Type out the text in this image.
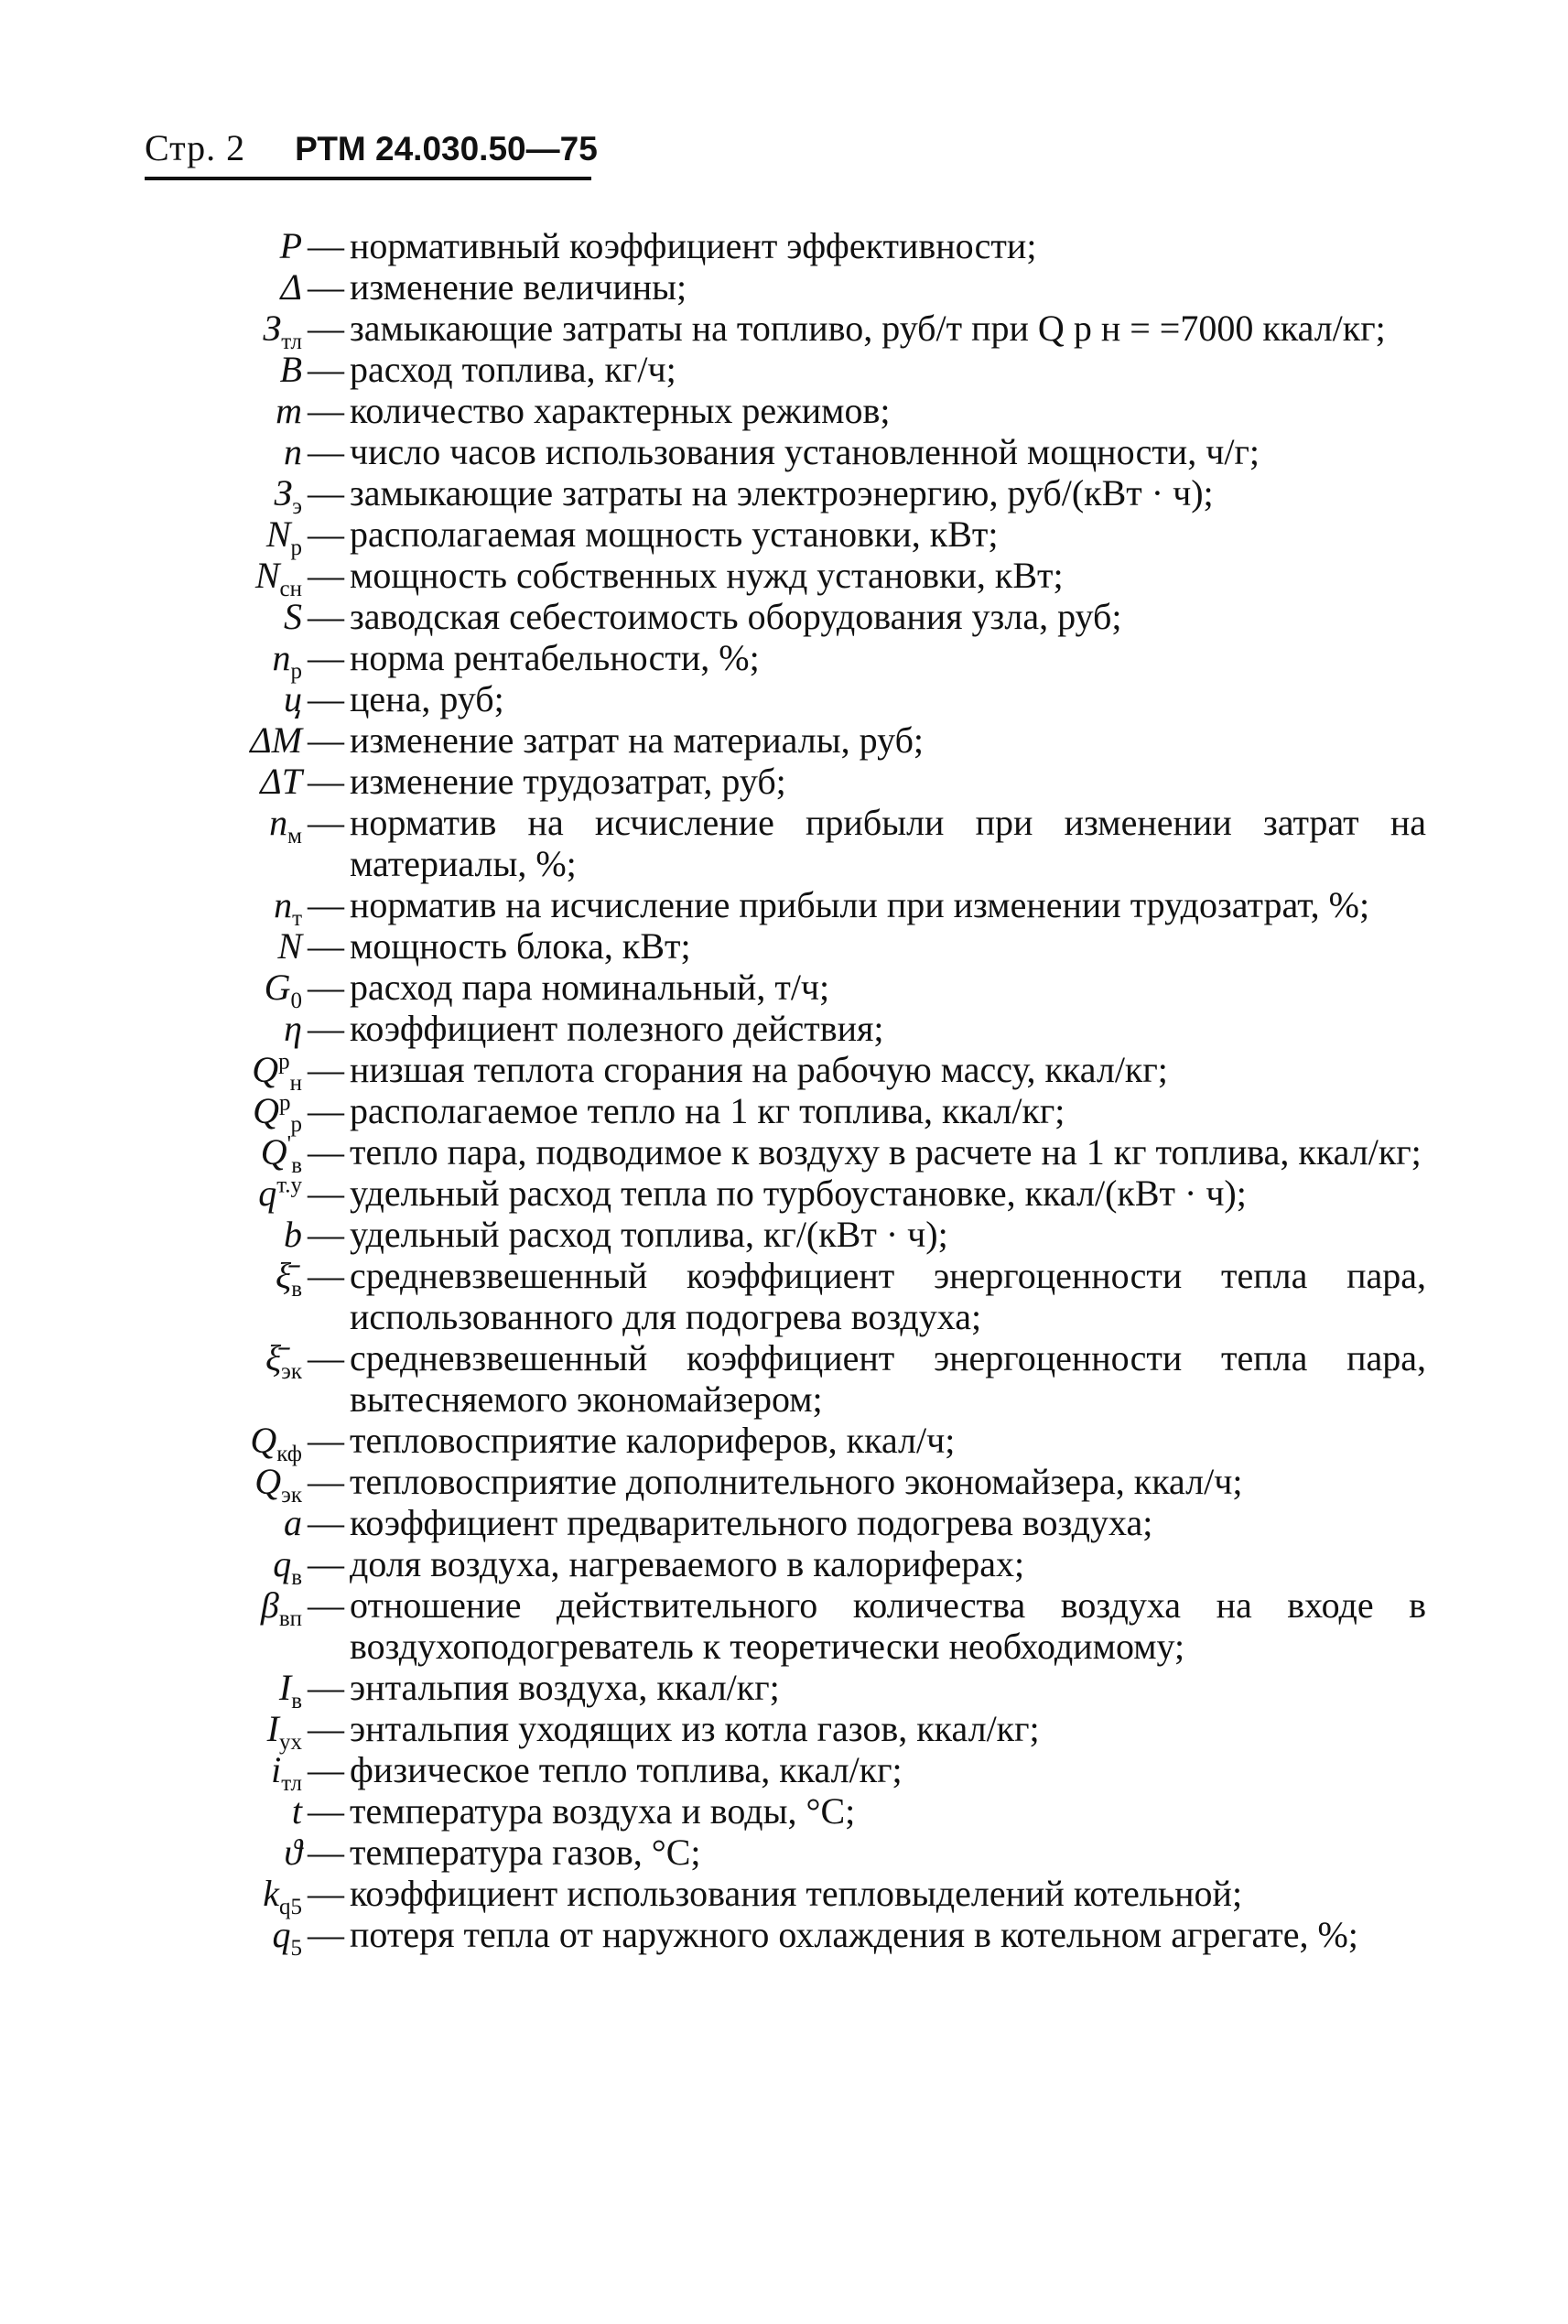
Стр. 2 РТМ 24.030.50—75
P — нормативный коэффициент эффективности;
Δ — изменение величины;
$З_{тл}$ — замыкающие затраты на топливо, руб/т при Q р н = =7000 ккал/кг;
B — расход топлива, кг/ч;
m — количество характерных режимов;
n — число часов использования установленной мощности, ч/г;
$З_э$ — замыкающие затраты на электроэнергию, руб/(кВт · ч);
$N_р$ — располагаемая мощность установки, кВт;
$N_{сн}$ — мощность собственных нужд установки, кВт;
S — заводская себестоимость оборудования узла, руб;
$n_р$ — норма рентабельности, %;
ц — цена, руб;
ΔM — изменение затрат на материалы, руб;
ΔT — изменение трудозатрат, руб;
$n_м$ — норматив на исчисление прибыли при изменении затрат на материалы, %;
$n_т$ — норматив на исчисление прибыли при изменении трудозатрат, %;
N — мощность блока, кВт;
$G_0$ — расход пара номинальный, т/ч;
η — коэффициент полезного действия;
$Q^р_н$ — низшая теплота сгорания на рабочую массу, ккал/кг;
$Q^р_р$ — располагаемое тепло на 1 кг топлива, ккал/кг;
$Q'_в$ — тепло пара, подводимое к воздуху в расчете на 1 кг топлива, ккал/кг;
$q^{т.у}$ — удельный расход тепла по турбоустановке, ккал/(кВт · ч);
b — удельный расход топлива, кг/(кВт · ч);
$\xī_в$ — средневзвешенный коэффициент энергоценности тепла пара, использованного для подогрева воздуха;
$\xī_{эк}$ — средневзвешенный коэффициент энергоценности тепла пара, вытесняемого экономайзером;
$Q_{кф}$ — тепловосприятие калориферов, ккал/ч;
$Q_{эк}$ — тепловосприятие дополнительного экономайзера, ккал/ч;
a — коэффициент предварительного подогрева воздуха;
$q_в$ — доля воздуха, нагреваемого в калориферах;
$\beta_{вп}$ — отношение действительного количества воздуха на входе в воздухоподогреватель к теоретически необходимому;
$I_в$ — энтальпия воздуха, ккал/кг;
$I_{ух}$ — энтальпия уходящих из котла газов, ккал/кг;
$i_{тл}$ — физическое тепло топлива, ккал/кг;
t — температура воздуха и воды, °C;
ϑ — температура газов, °C;
$k_{q5}$ — коэффициент использования тепловыделений котельной;
$q_5$ — потеря тепла от наружного охлаждения в котельном агрегате, %;
